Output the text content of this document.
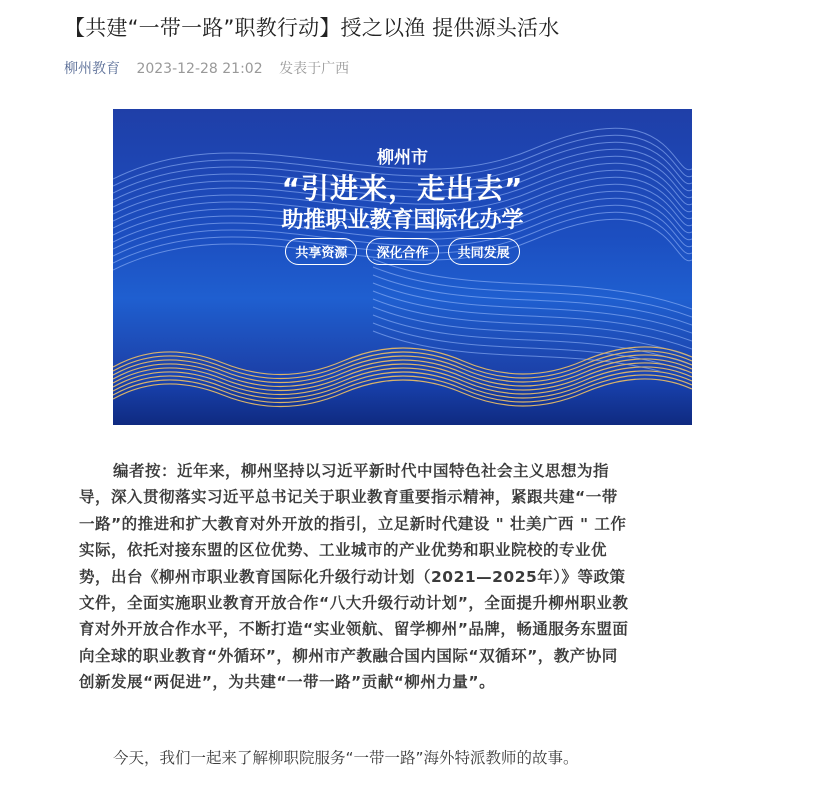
【共建“一带一路”职教行动】授之以渔 提供源头活水
柳州教育 2023-12-28 21:02 发表于广西
柳州市
“引进来，走出去”
助推职业教育国际化办学
共享资源 深化合作 共同发展

编者按：近年来，柳州坚持以习近平新时代中国特色社会主义思想为指导，深入贯彻落实习近平总书记关于职业教育重要指示精神，紧跟共建“一带一路”的推进和扩大教育对外开放的指引，立足新时代建设 " 壮美广西 " 工作实际，依托对接东盟的区位优势、工业城市的产业优势和职业院校的专业优势，出台《柳州市职业教育国际化升级行动计划（2021—2025年）》等政策文件，全面实施职业教育开放合作“八大升级行动计划”，全面提升柳州职业教育对外开放合作水平，不断打造“实业领航、留学柳州”品牌，畅通服务东盟面向全球的职业教育“外循环”，柳州市产教融合国内国际“双循环”，教产协同创新发展“两促进”，为共建“一带一路”贡献“柳州力量”。

今天，我们一起来了解柳职院服务“一带一路”海外特派教师的故事。
